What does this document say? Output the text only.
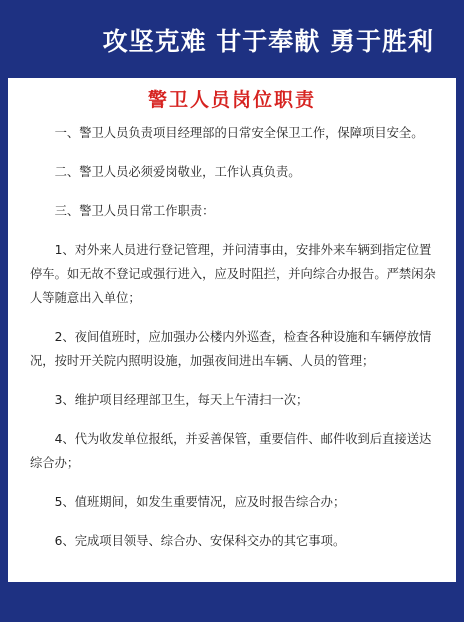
攻坚克难 甘于奉献 勇于胜利
警卫人员岗位职责

一、警卫人员负责项目经理部的日常安全保卫工作，保障项目安全。

二、警卫人员必须爱岗敬业，工作认真负责。

三、警卫人员日常工作职责：

1、对外来人员进行登记管理，并问清事由，安排外来车辆到指定位置停车。如无故不登记或强行进入，应及时阻拦，并向综合办报告。严禁闲杂人等随意出入单位；

2、夜间值班时，应加强办公楼内外巡查，检查各种设施和车辆停放情况，按时开关院内照明设施，加强夜间进出车辆、人员的管理；

3、维护项目经理部卫生，每天上午清扫一次；

4、代为收发单位报纸，并妥善保管，重要信件、邮件收到后直接送达综合办；

5、值班期间，如发生重要情况，应及时报告综合办；

6、完成项目领导、综合办、安保科交办的其它事项。
